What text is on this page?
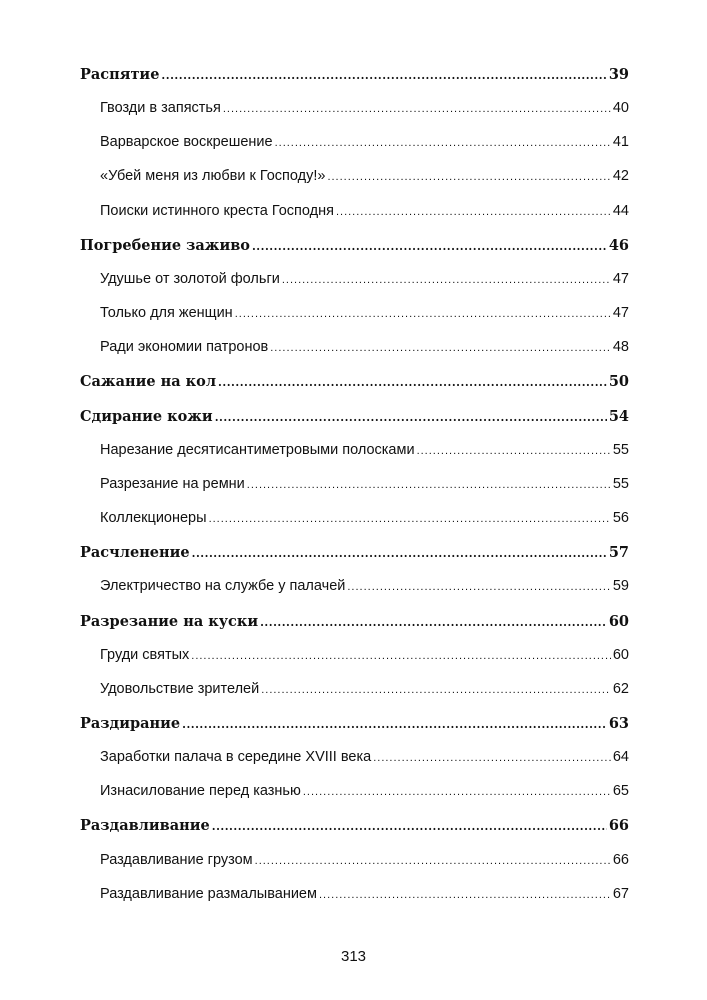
Распятие .....	39
Гвозди в запястья .....	40
Варварское воскрешение .....	41
«Убей меня из любви к Господу!» .....	42
Поиски истинного креста Господня .....	44
Погребение заживо .....	46
Удушье от золотой фольги .....	47
Только для женщин .....	47
Ради экономии патронов .....	48
Сажание на кол .....	50
Сдирание кожи .....	54
Нарезание десятисантиметровыми полосками .....	55
Разрезание на ремни .....	55
Коллекционеры .....	56
Расчленение .....	57
Электричество на службе у палачей .....	59
Разрезание на куски .....	60
Груди святых .....	60
Удовольствие зрителей .....	62
Раздирание .....	63
Заработки палача в середине XVIII века .....	64
Изнасилование перед казнью .....	65
Раздавливание .....	66
Раздавливание грузом .....	66
Раздавливание размалыванием .....	67
313
